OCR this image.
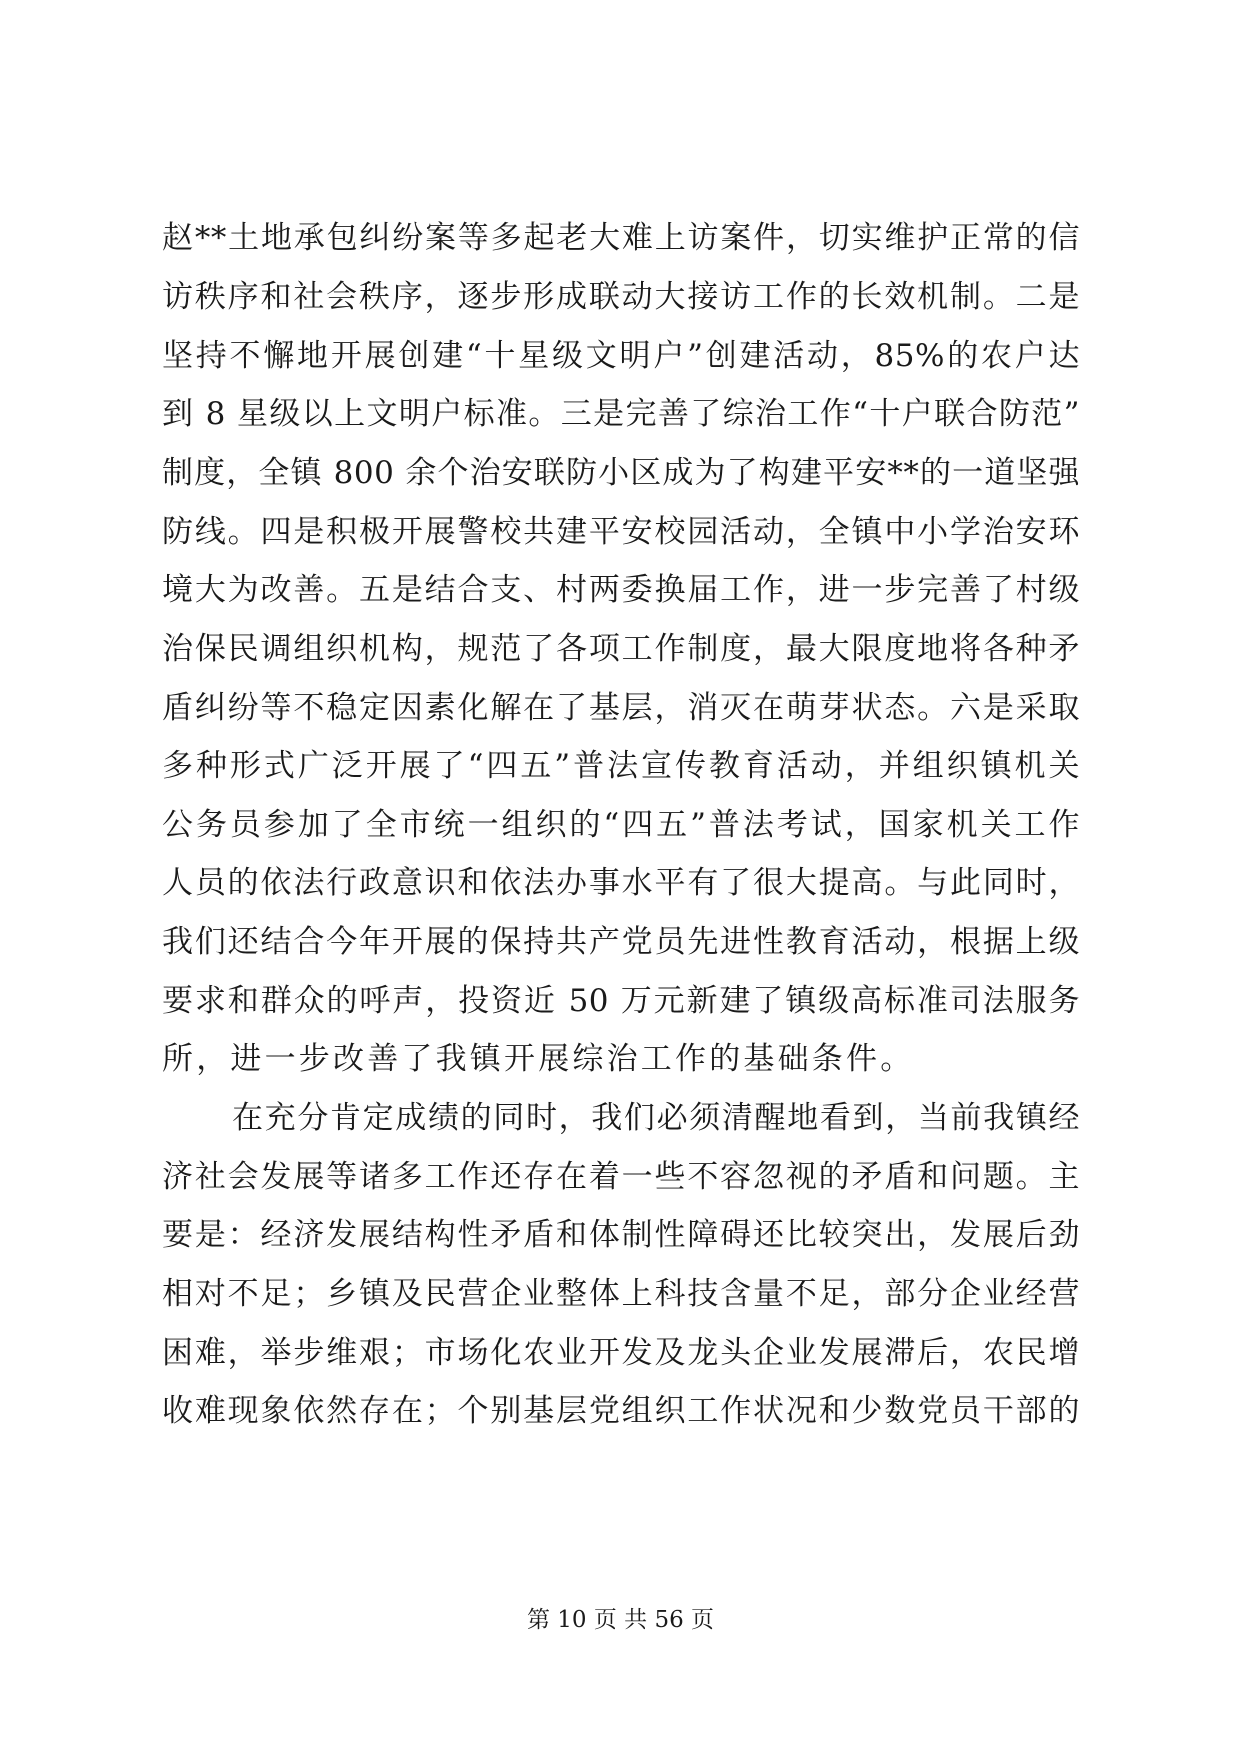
赵**土地承包纠纷案等多起老大难上访案件，切实维护正常的信
访秩序和社会秩序，逐步形成联动大接访工作的长效机制。二是
坚持不懈地开展创建“十星级文明户”创建活动，85%的农户达
到 8 星级以上文明户标准。三是完善了综治工作“十户联合防范”
制度，全镇 800 余个治安联防小区成为了构建平安**的一道坚强
防线。四是积极开展警校共建平安校园活动，全镇中小学治安环
境大为改善。五是结合支、村两委换届工作，进一步完善了村级
治保民调组织机构，规范了各项工作制度，最大限度地将各种矛
盾纠纷等不稳定因素化解在了基层，消灭在萌芽状态。六是采取
多种形式广泛开展了“四五”普法宣传教育活动，并组织镇机关
公务员参加了全市统一组织的“四五”普法考试，国家机关工作
人员的依法行政意识和依法办事水平有了很大提高。与此同时，
我们还结合今年开展的保持共产党员先进性教育活动，根据上级
要求和群众的呼声，投资近 50 万元新建了镇级高标准司法服务
所，进一步改善了我镇开展综治工作的基础条件。
在充分肯定成绩的同时，我们必须清醒地看到，当前我镇经
济社会发展等诸多工作还存在着一些不容忽视的矛盾和问题。主
要是：经济发展结构性矛盾和体制性障碍还比较突出，发展后劲
相对不足；乡镇及民营企业整体上科技含量不足，部分企业经营
困难，举步维艰；市场化农业开发及龙头企业发展滞后，农民增
收难现象依然存在；个别基层党组织工作状况和少数党员干部的
第 10 页 共 56 页
